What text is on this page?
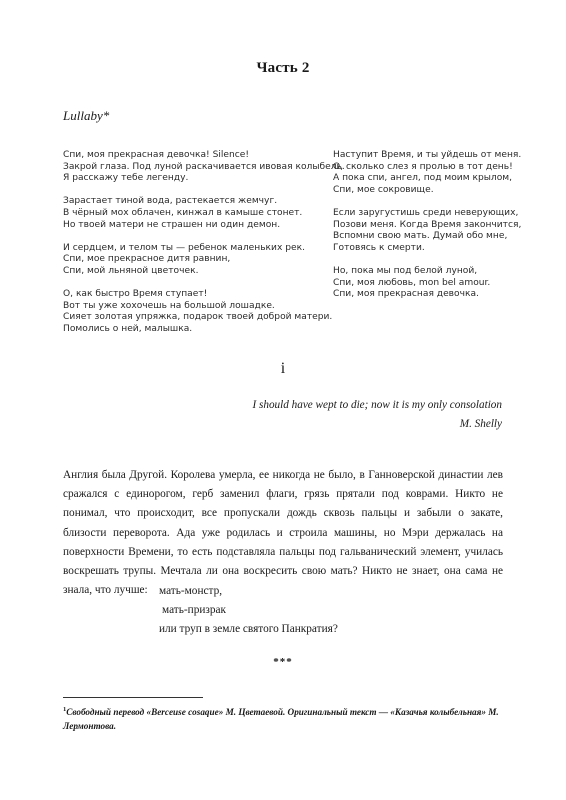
Часть 2
Lullaby*
Спи, моя прекрасная девочка! Silence!
Закрой глаза. Под луной раскачивается ивовая колыбель.
Я расскажу тебе легенду.
Зарастает тиной вода, растекается жемчуг.
В чёрный мох облачен, кинжал в камыше стонет.
Но твоей матери не страшен ни один демон.
И сердцем, и телом ты — ребенок маленьких рек.
Спи, мое прекрасное дитя равнин,
Спи, мой льняной цветочек.
О, как быстро Время ступает!
Вот ты уже хохочешь на большой лошадке.
Сияет золотая упряжка, подарок твоей доброй матери.
Помолись о ней, малышка.
Наступит Время, и ты уйдешь от меня.
О, сколько слез я пролью в тот день!
А пока спи, ангел, под моим крылом,
Спи, мое сокровище.
Если заругустишь среди неверующих,
Позови меня. Когда Время закончится,
Вспомни свою мать. Думай обо мне,
Готовясь к смерти.
Но, пока мы под белой луной,
Спи, моя любовь, mon bel amour.
Спи, моя прекрасная девочка.
i
I should have wept to die; now it is my only consolation
M. Shelly
Англия была Другой. Королева умерла, ее никогда не было, в Ганноверской династии лев сражался с единорогом, герб заменил флаги, грязь прятали под коврами. Никто не понимал, что происходит, все пропускали дождь сквозь пальцы и забыли о закате, близости переворота. Ада уже родилась и строила машины, но Мэри держалась на поверхности Времени, то есть подставляла пальцы под гальванический элемент, училась воскрешать трупы. Мечтала ли она воскресить свою мать? Никто не знает, она сама не знала, что лучше:	мать-монстр,
мать-призрак
или труп в земле святого Панкратия?
***
$^1$Свободный перевод «Berceuse cosaque» М. Цветаевой. Оригинальный текст — «Казачья колыбельная» М. Лермонтова.
